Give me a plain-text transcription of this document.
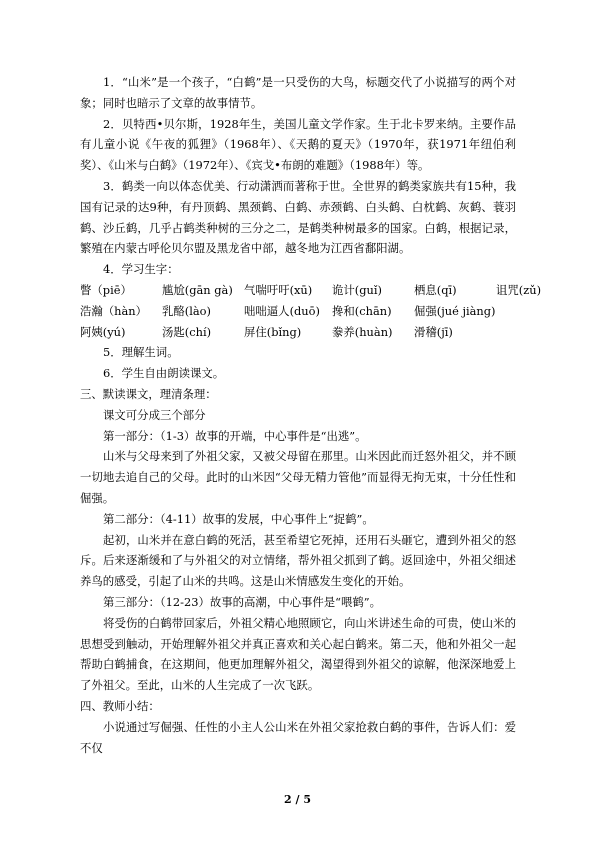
1．“山米”是一个孩子，“白鹤”是一只受伤的大鸟，标题交代了小说描写的两个对象；同时也暗示了文章的故事情节。

2．贝特西•贝尔斯，1928年生，美国儿童文学作家。生于北卡罗来纳。主要作品有儿童小说《午夜的狐狸》（1968年）、《天鹅的夏天》（1970年，获1971年纽伯利奖）、《山米与白鹤》（1972年）、《宾戈•布朗的难题》（1988年）等。

3．鹤类一向以体态优美、行动潇洒而著称于世。全世界的鹤类家族共有15种，我国有记录的达9种，有丹顶鹤、黑颈鹤、白鹤、赤颈鹤、白头鹤、白枕鹤、灰鹤、蓑羽鹤、沙丘鹤，几乎占鹤类种树的三分之二，是鹤类种树最多的国家。白鹤，根据记录，繁殖在内蒙古呼伦贝尔盟及黑龙省中部，越冬地为江西省鄱阳湖。

4．学习生字：

瞥（piē）	尴尬(gān gà) 气喘吁吁(xū)	诡计(guǐ)	栖息(qī)	诅咒(zǔ)
浩瀚（hàn）	乳酪(lào)	咄咄逼人(duō)	搀和(chān)	倔强(jué jiàng)
阿姨(yú)	汤匙(chí)	屏住(bǐng)	豢养(huàn)	滑稽(jī)

5．理解生词。

6．学生自由朗读课文。

三、默读课文，理清条理：

课文可分成三个部分

第一部分：（1-3）故事的开端，中心事件是“出逃”。

山米与父母来到了外祖父家，又被父母留在那里。山米因此而迁怒外祖父，并不顾一切地去追自己的父母。此时的山米因“父母无精力管他”而显得无拘无束，十分任性和倔强。

第二部分：（4-11）故事的发展，中心事件上“捉鹤”。

起初，山米并在意白鹤的死活，甚至希望它死掉，还用石头砸它，遭到外祖父的怒斥。后来逐渐缓和了与外祖父的对立情绪，帮外祖父抓到了鹤。返回途中，外祖父细述养鸟的感受，引起了山米的共鸣。这是山米情感发生变化的开始。

第三部分：（12-23）故事的高潮，中心事件是“喂鹤”。

将受伤的白鹤带回家后，外祖父精心地照顾它，向山米讲述生命的可贵，使山米的思想受到触动，开始理解外祖父并真正喜欢和关心起白鹤来。第二天，他和外祖父一起帮助白鹤捕食，在这期间，他更加理解外祖父，渴望得到外祖父的谅解，他深深地爱上了外祖父。至此，山米的人生完成了一次飞跃。

四、教师小结：

小说通过写倔强、任性的小主人公山米在外祖父家抢救白鹤的事件，告诉人们：爱不仅

2 / 5
